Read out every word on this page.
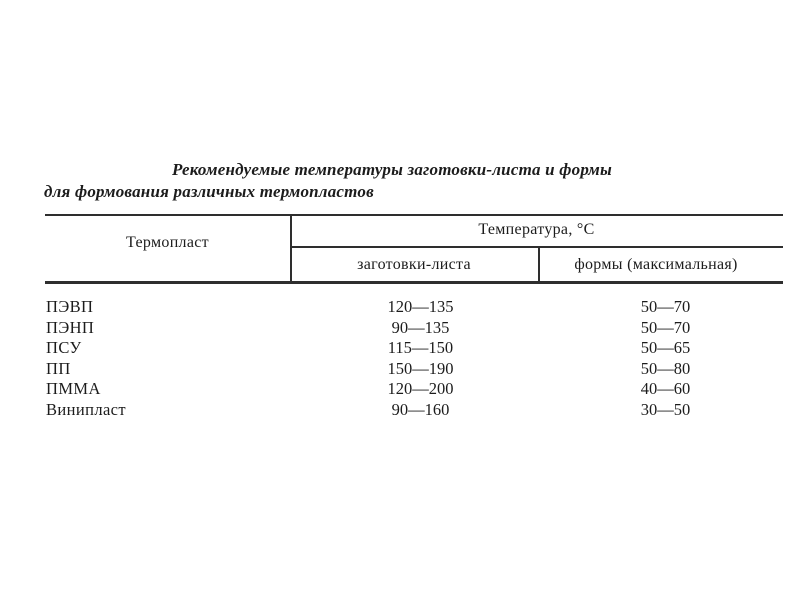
Рекомендуемые температуры заготовки-листа и формы
для формования различных термопластов
Термопласт
Температура, °С
заготовки-листа	формы (максимальная)
ПЭВП	120—135	50—70
ПЭНП	90—135	50—70
ПСУ	115—150	50—65
ПП	150—190	50—80
ПММА	120—200	40—60
Винипласт	90—160	30—50
